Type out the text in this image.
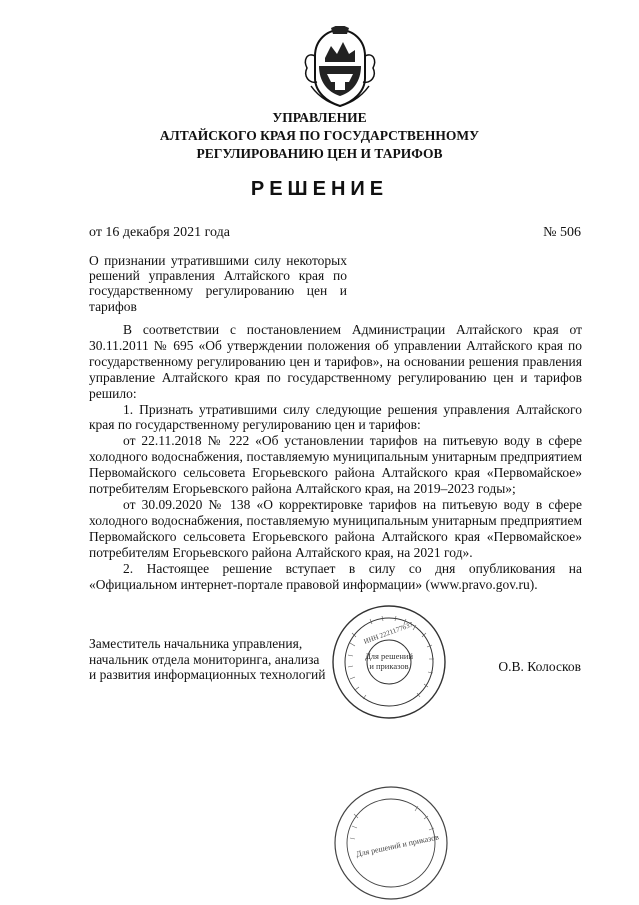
УПРАВЛЕНИЕ
АЛТАЙСКОГО КРАЯ ПО ГОСУДАРСТВЕННОМУ
РЕГУЛИРОВАНИЮ ЦЕН И ТАРИФОВ
РЕШЕНИЕ
от 16 декабря 2021 года	№ 506
О признании утратившими силу некоторых решений управления Алтайского края по государственному регулированию цен и тарифов

В соответствии с постановлением Администрации Алтайского края от 30.11.2011 № 695 «Об утверждении положения об управлении Алтайского края по государственному регулированию цен и тарифов», на основании решения правления управление Алтайского края по государственному регулированию цен и тарифов решило:

1. Признать утратившими силу следующие решения управления Алтайского края по государственному регулированию цен и тарифов:

от 22.11.2018 № 222 «Об установлении тарифов на питьевую воду в сфере холодного водоснабжения, поставляемую муниципальным унитарным предприятием Первомайского сельсовета Егорьевского района Алтайского края «Первомайское» потребителям Егорьевского района Алтайского края, на 2019–2023 годы»;

от 30.09.2020 № 138 «О корректировке тарифов на питьевую воду в сфере холодного водоснабжения, поставляемую муниципальным унитарным предприятием Первомайского сельсовета Егорьевского района Алтайского края «Первомайское» потребителям Егорьевского района Алтайского края, на 2021 год».

2. Настоящее решение вступает в силу со дня опубликования на «Официальном интернет-портале правовой информации» (www.pravo.gov.ru).

Заместитель начальника управления,
начальник отдела мониторинга, анализа
и развития информационных технологий
О.В. Колосков
Для решений
и приказов
ИНН 2221177637
Для решений и приказов
